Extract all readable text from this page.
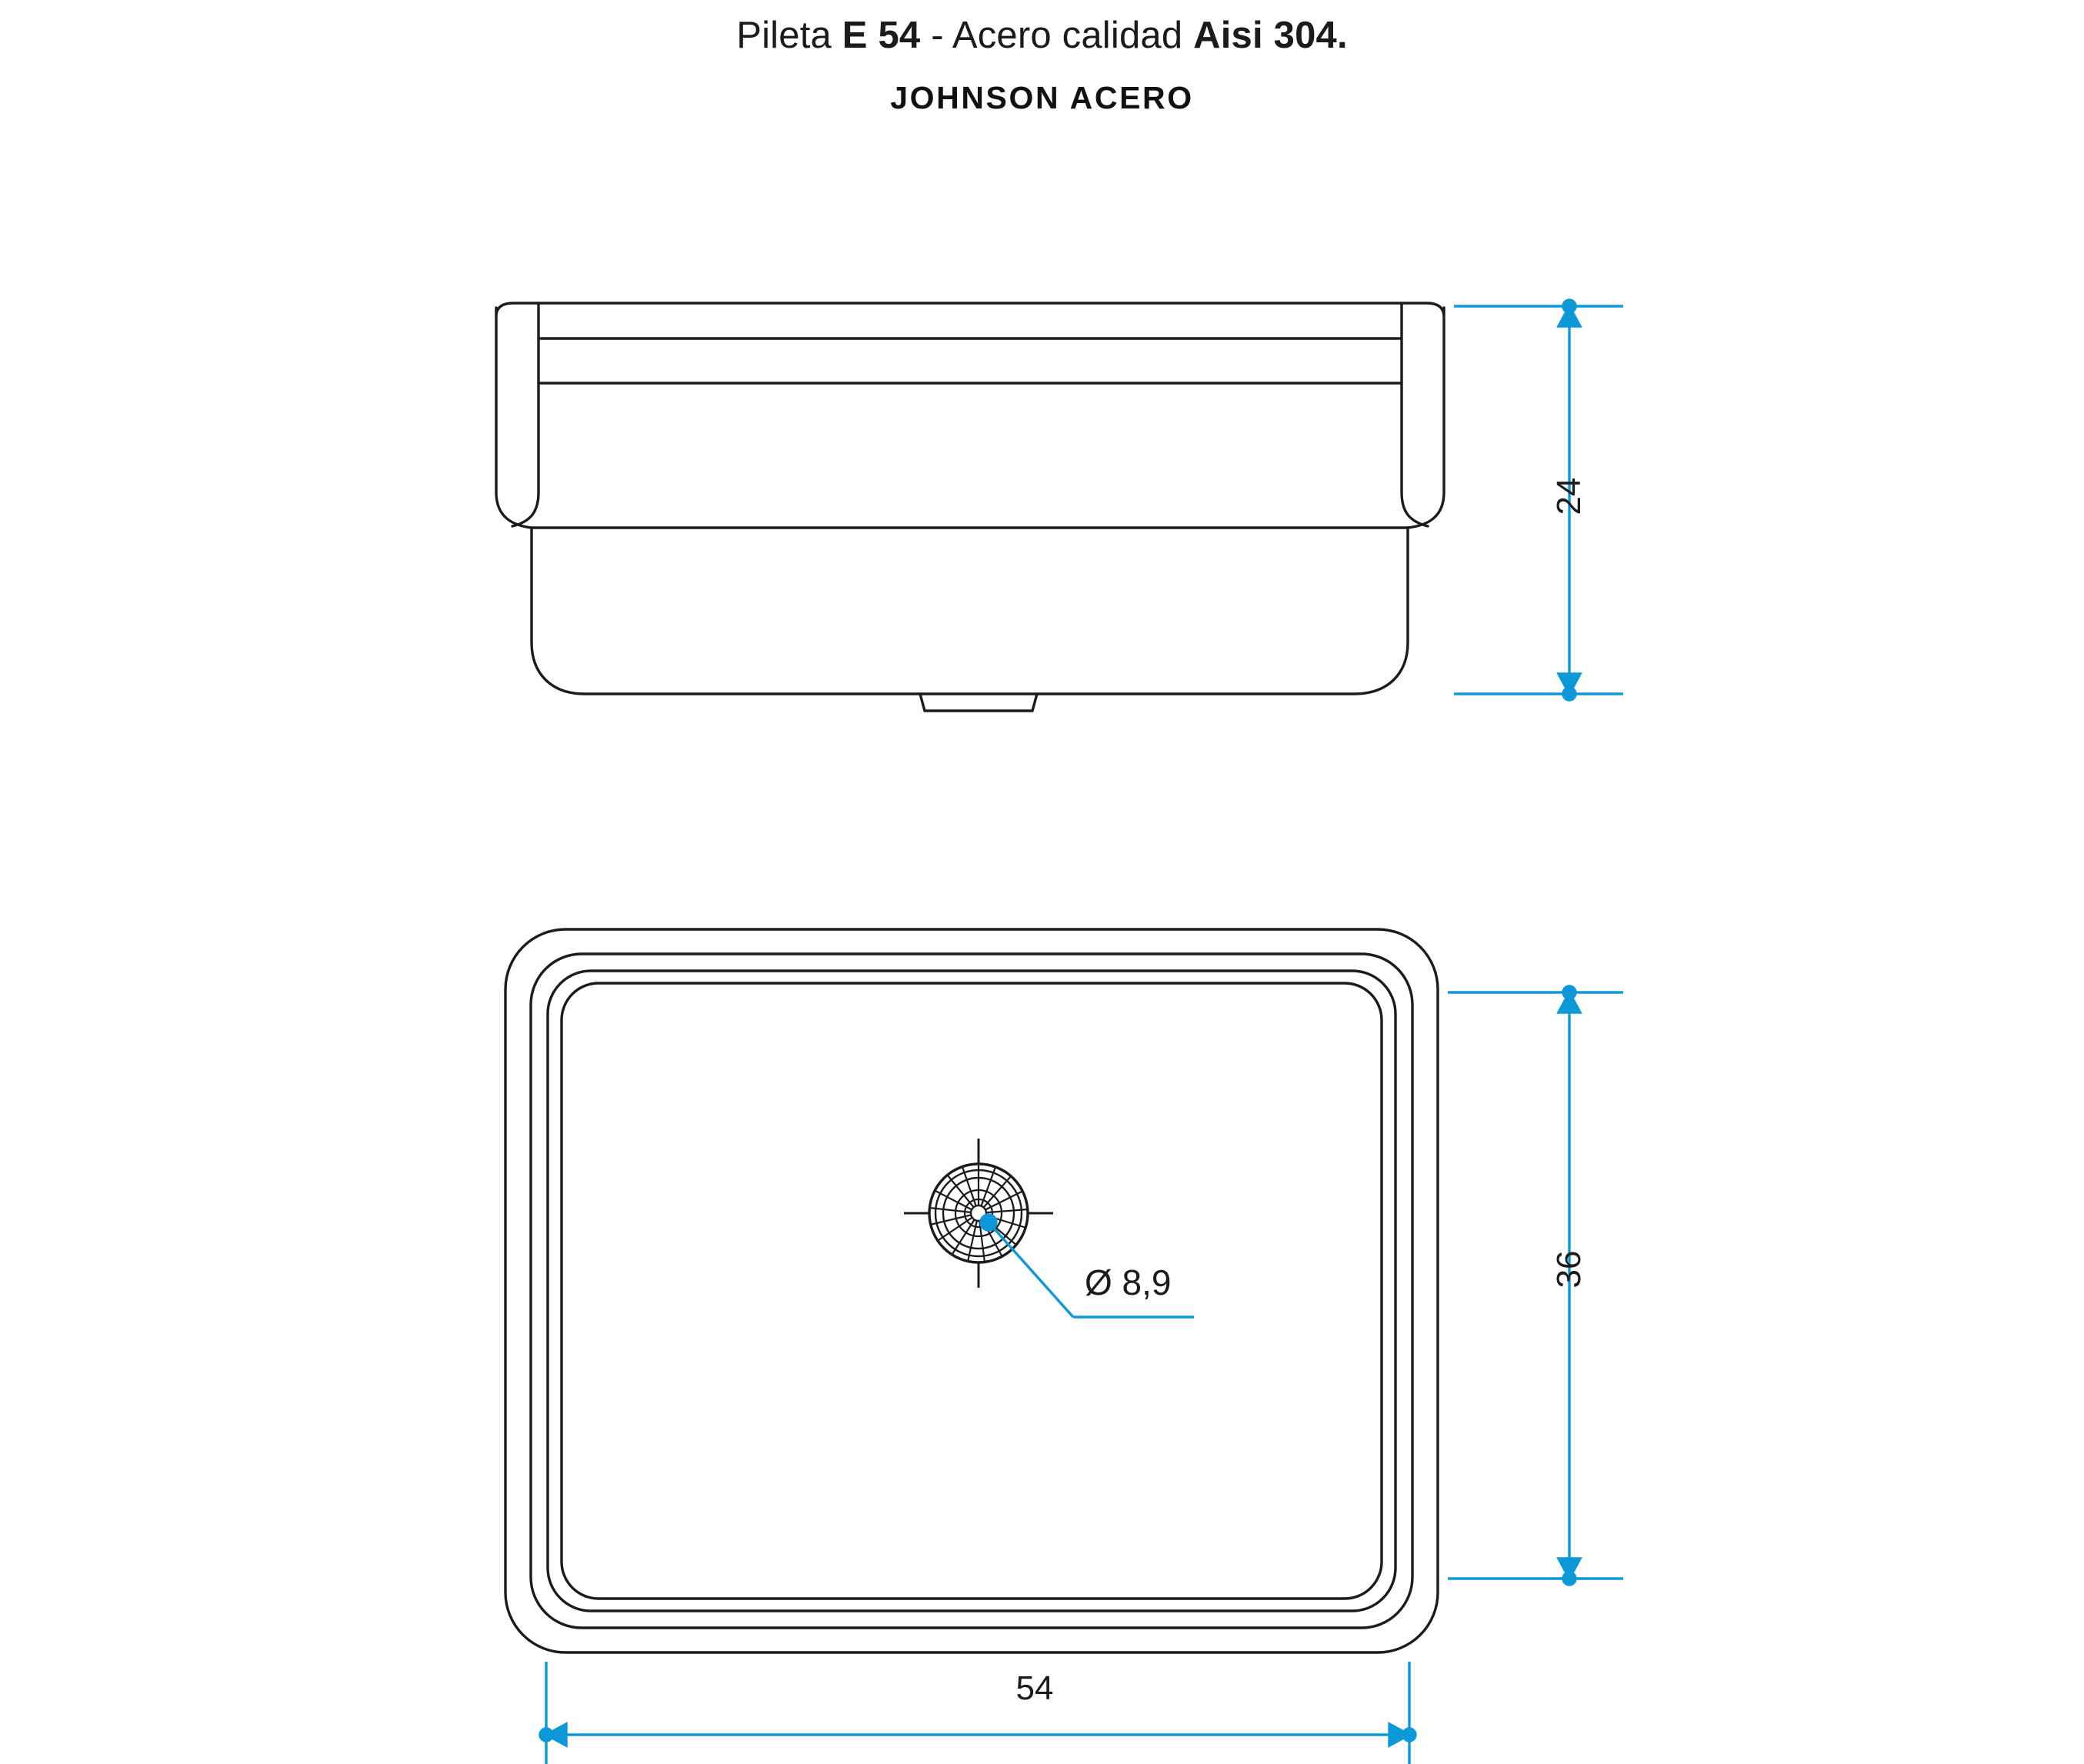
Pileta E 54 - Acero calidad Aisi 304.
JOHNSON ACERO
24
36
54
Ø 8,9
